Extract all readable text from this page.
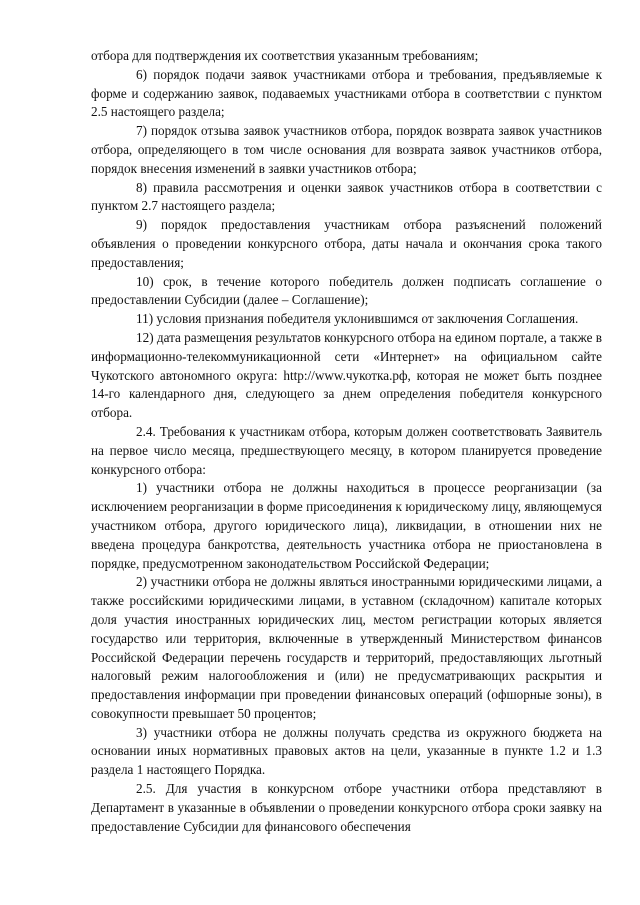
отбора для подтверждения их соответствия указанным требованиям;

6) порядок подачи заявок участниками отбора и требования, предъявляемые к форме и содержанию заявок, подаваемых участниками отбора в соответствии с пунктом 2.5 настоящего раздела;

7) порядок отзыва заявок участников отбора, порядок возврата заявок участников отбора, определяющего в том числе основания для возврата заявок участников отбора, порядок внесения изменений в заявки участников отбора;

8) правила рассмотрения и оценки заявок участников отбора в соответствии с пунктом 2.7 настоящего раздела;

9) порядок предоставления участникам отбора разъяснений положений объявления о проведении конкурсного отбора, даты начала и окончания срока такого предоставления;

10) срок, в течение которого победитель должен подписать соглашение о предоставлении Субсидии (далее – Соглашение);

11) условия признания победителя уклонившимся от заключения Соглашения.

12) дата размещения результатов конкурсного отбора на едином портале, а также в информационно-телекоммуникационной сети «Интернет» на официальном сайте Чукотского автономного округа: http://www.чукотка.рф, которая не может быть позднее 14-го календарного дня, следующего за днем определения победителя конкурсного отбора.

2.4. Требования к участникам отбора, которым должен соответствовать Заявитель на первое число месяца, предшествующего месяцу, в котором планируется проведение конкурсного отбора:

1) участники отбора не должны находиться в процессе реорганизации (за исключением реорганизации в форме присоединения к юридическому лицу, являющемуся участником отбора, другого юридического лица), ликвидации, в отношении них не введена процедура банкротства, деятельность участника отбора не приостановлена в порядке, предусмотренном законодательством Российской Федерации;

2) участники отбора не должны являться иностранными юридическими лицами, а также российскими юридическими лицами, в уставном (складочном) капитале которых доля участия иностранных юридических лиц, местом регистрации которых является государство или территория, включенные в утвержденный Министерством финансов Российской Федерации перечень государств и территорий, предоставляющих льготный налоговый режим налогообложения и (или) не предусматривающих раскрытия и предоставления информации при проведении финансовых операций (офшорные зоны), в совокупности превышает 50 процентов;

3) участники отбора не должны получать средства из окружного бюджета на основании иных нормативных правовых актов на цели, указанные в пункте 1.2 и 1.3 раздела 1 настоящего Порядка.

2.5. Для участия в конкурсном отборе участники отбора представляют в Департамент в указанные в объявлении о проведении конкурсного отбора сроки заявку на предоставление Субсидии для финансового обеспечения
